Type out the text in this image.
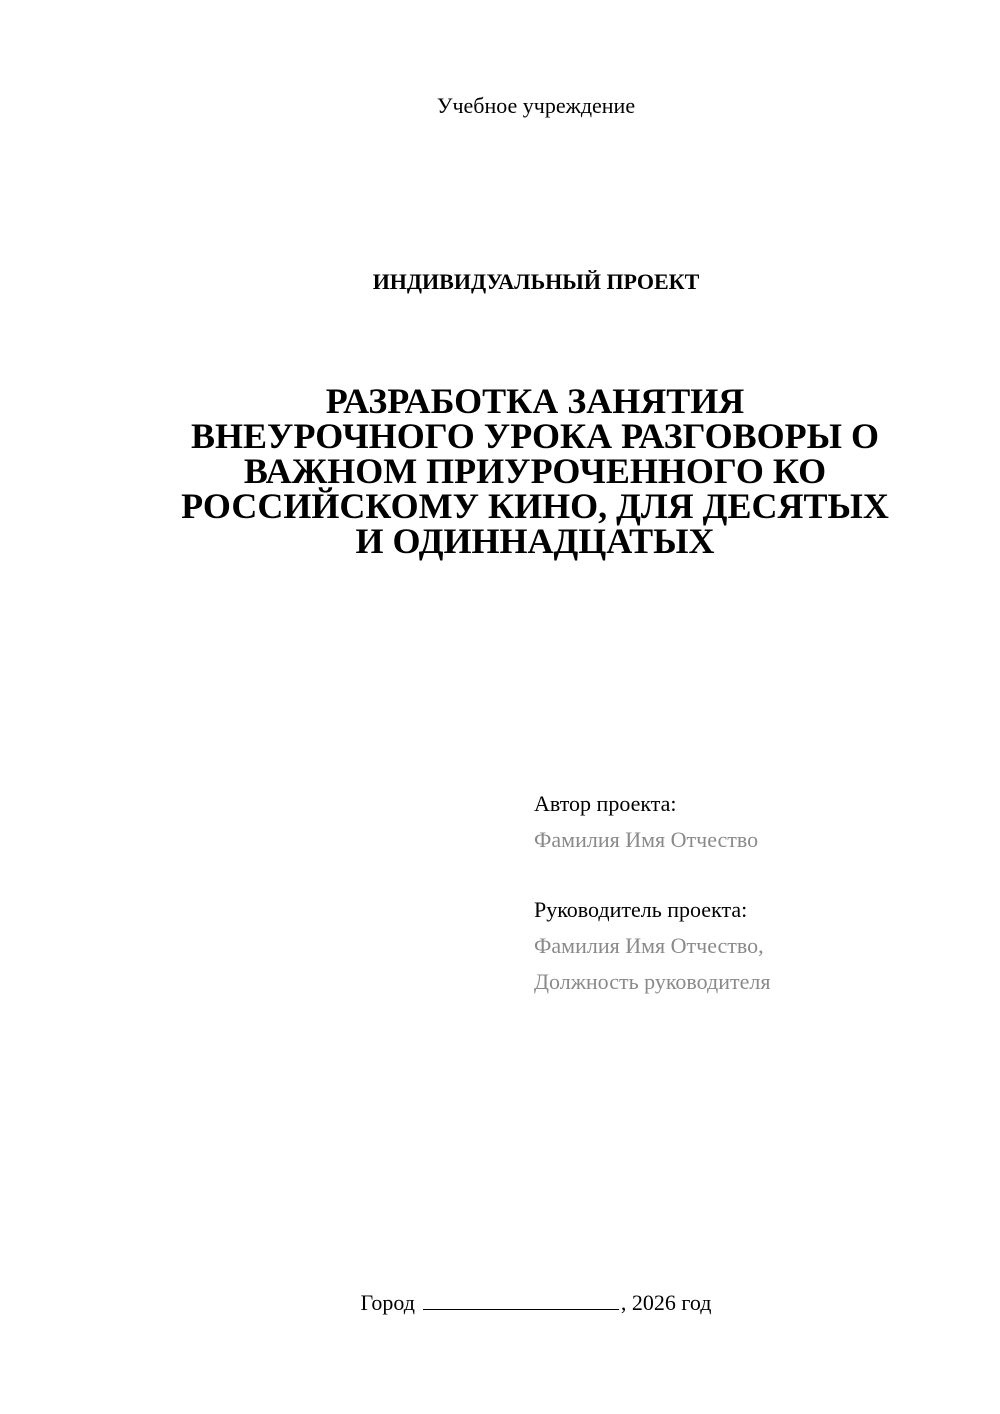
Учебное учреждение
ИНДИВИДУАЛЬНЫЙ ПРОЕКТ
РАЗРАБОТКА ЗАНЯТИЯ
ВНЕУРОЧНОГО УРОКА РАЗГОВОРЫ О
ВАЖНОМ ПРИУРОЧЕННОГО КО
РОССИЙСКОМУ КИНО, ДЛЯ ДЕСЯТЫХ
И ОДИННАДЦАТЫХ
Автор проекта:
Фамилия Имя Отчество
Руководитель проекта:
Фамилия Имя Отчество,
Должность руководителя
Город	, 2026 год
